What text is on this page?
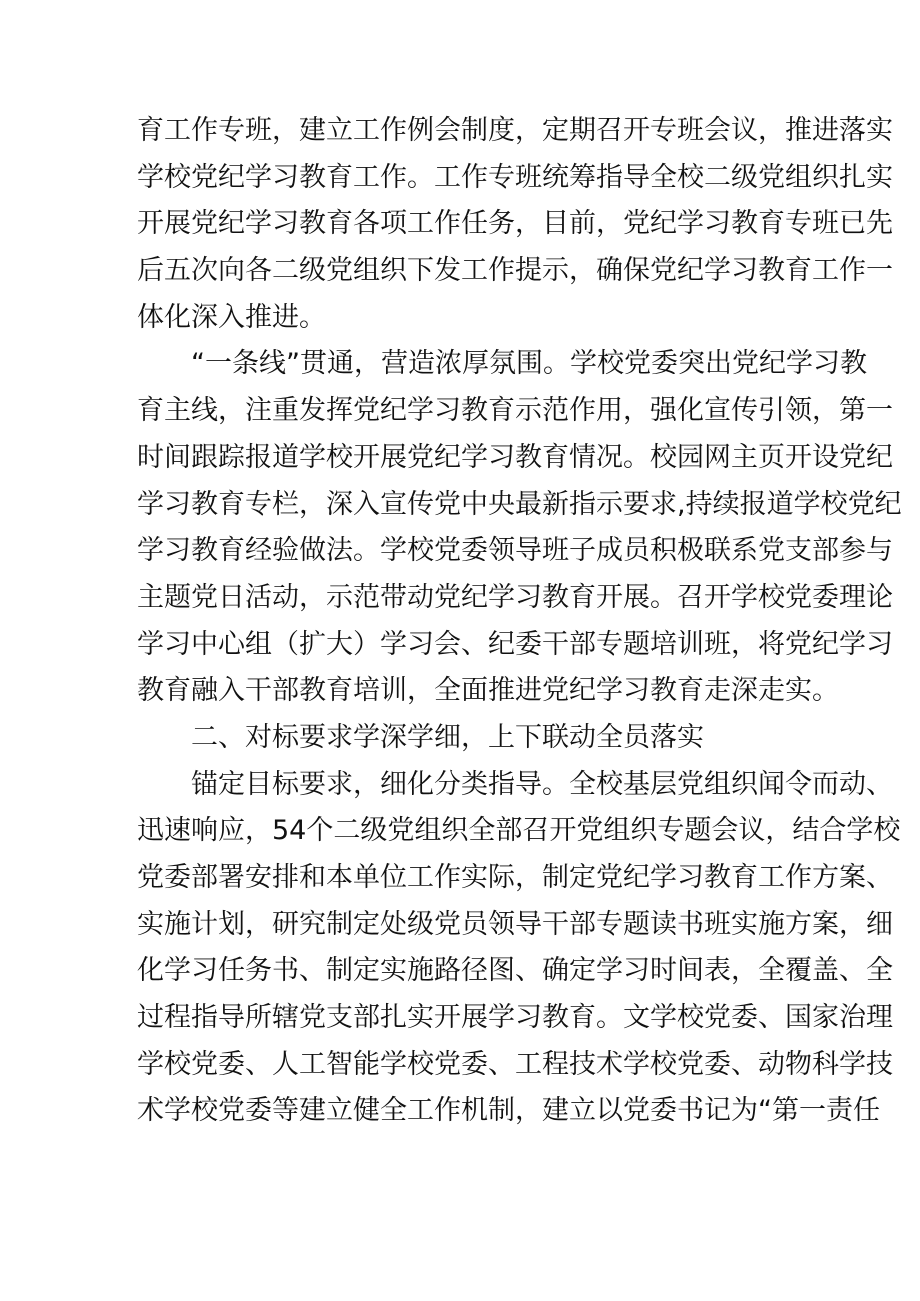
育工作专班，建立工作例会制度，定期召开专班会议，推进落实
学校党纪学习教育工作。工作专班统筹指导全校二级党组织扎实
开展党纪学习教育各项工作任务，目前，党纪学习教育专班已先
后五次向各二级党组织下发工作提示，确保党纪学习教育工作一
体化深入推进。
“一条线”贯通，营造浓厚氛围。学校党委突出党纪学习教
育主线，注重发挥党纪学习教育示范作用，强化宣传引领，第一
时间跟踪报道学校开展党纪学习教育情况。校园网主页开设党纪
学习教育专栏，深入宣传党中央最新指示要求,持续报道学校党纪
学习教育经验做法。学校党委领导班子成员积极联系党支部参与
主题党日活动，示范带动党纪学习教育开展。召开学校党委理论
学习中心组（扩大）学习会、纪委干部专题培训班，将党纪学习
教育融入干部教育培训，全面推进党纪学习教育走深走实。
二、对标要求学深学细，上下联动全员落实
锚定目标要求，细化分类指导。全校基层党组织闻令而动、
迅速响应，54个二级党组织全部召开党组织专题会议，结合学校
党委部署安排和本单位工作实际，制定党纪学习教育工作方案、
实施计划，研究制定处级党员领导干部专题读书班实施方案，细
化学习任务书、制定实施路径图、确定学习时间表，全覆盖、全
过程指导所辖党支部扎实开展学习教育。文学校党委、国家治理
学校党委、人工智能学校党委、工程技术学校党委、动物科学技
术学校党委等建立健全工作机制，建立以党委书记为“第一责任
